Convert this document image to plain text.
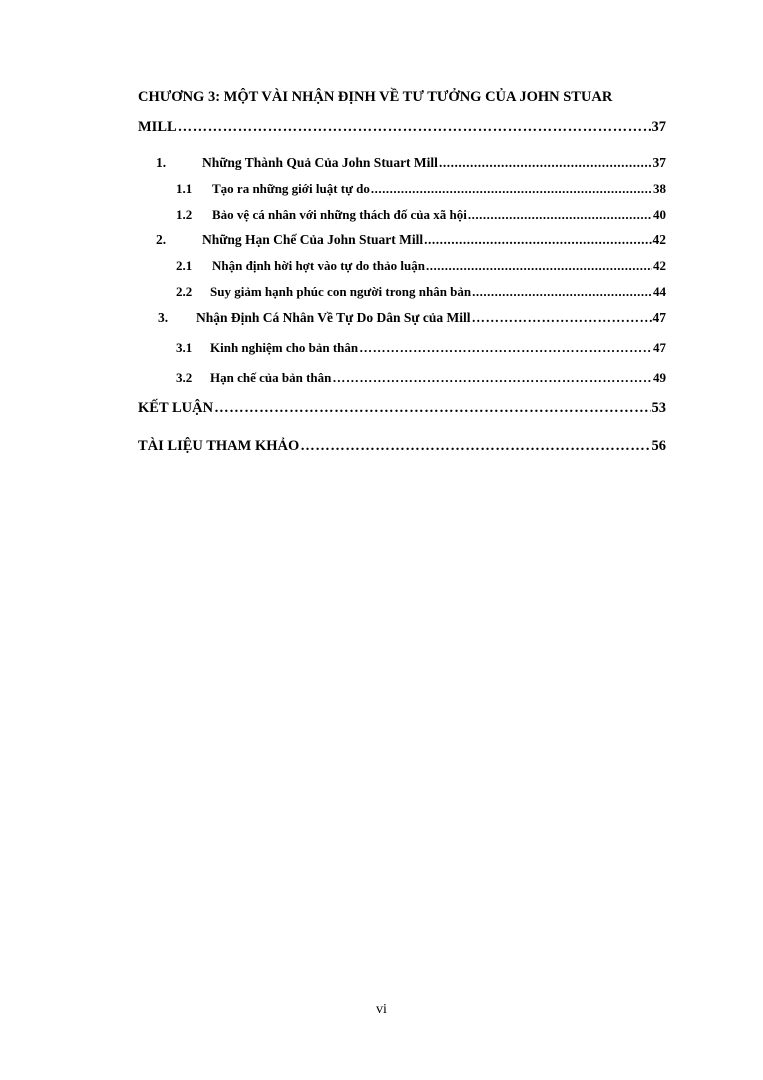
CHƯƠNG 3: MỘT VÀI NHẬN ĐỊNH VỀ TƯ TƯỞNG CỦA JOHN STUAR
MILL ……………………………………………………………………………………………………………………………………………………	37
1.	Những Thành Quả Của John Stuart Mill .....	37
1.1	Tạo ra những giới luật tự do .....	38
1.2	Bảo vệ cá nhân với những thách đố của xã hội .....	40
2.	Những Hạn Chế Của John Stuart Mill .....	42
2.1	Nhận định hời hợt vào tự do thảo luận .....	42
2.2	Suy giảm hạnh phúc con người trong nhân bản .....	44
3.	Nhận Định Cá Nhân Về Tự Do Dân Sự của Mill ……………………………………………………………………………………………………………………………………………………	47
3.1	Kinh nghiệm cho bản thân ……………………………………………………………………………………………………………………………………………………	47
3.2	Hạn chế của bản thân ……………………………………………………………………………………………………………………………………………………	49
KẾT LUẬN ……………………………………………………………………………………………………………………………………………………	53
TÀI LIỆU THAM KHẢO ……………………………………………………………………………………………………………………………………………………	56
vi
